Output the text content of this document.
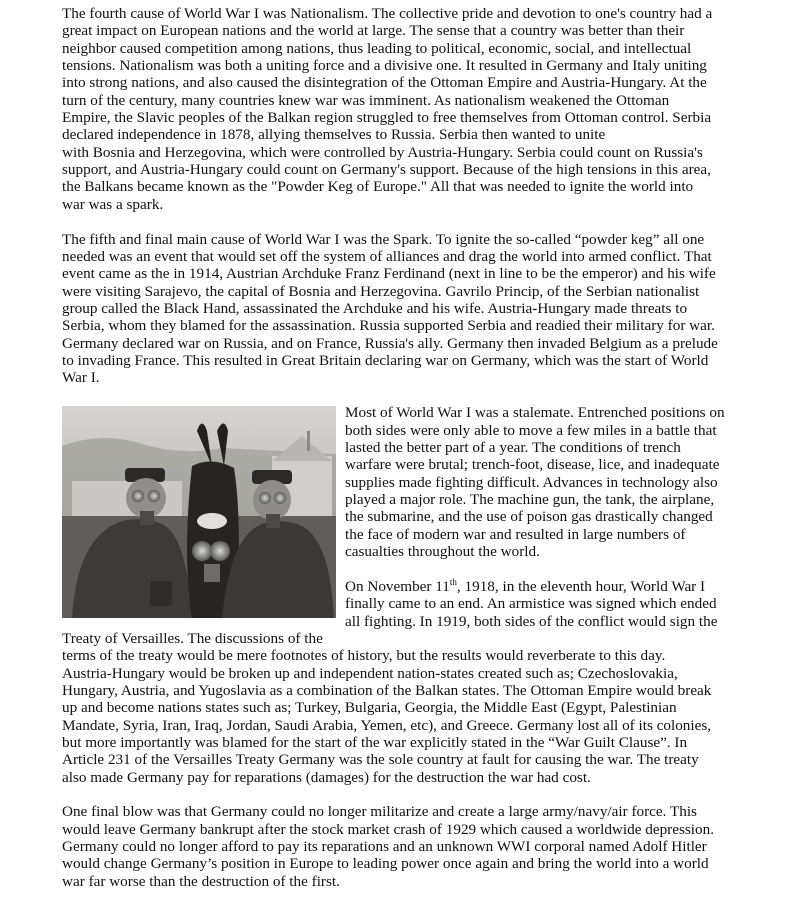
The fourth cause of World War I was Nationalism. The collective pride and devotion to one's country had a
great impact on European nations and the world at large. The sense that a country was better than their
neighbor caused competition among nations, thus leading to political, economic, social, and intellectual
tensions. Nationalism was both a uniting force and a divisive one. It resulted in Germany and Italy uniting
into strong nations, and also caused the disintegration of the Ottoman Empire and Austria-Hungary. At the
turn of the century, many countries knew war was imminent. As nationalism weakened the Ottoman
Empire, the Slavic peoples of the Balkan region struggled to free themselves from Ottoman control. Serbia
declared independence in 1878, allying themselves to Russia. Serbia then wanted to unite
with Bosnia and Herzegovina, which were controlled by Austria-Hungary. Serbia could count on Russia's
support, and Austria-Hungary could count on Germany's support. Because of the high tensions in this area,
the Balkans became known as the "Powder Keg of Europe." All that was needed to ignite the world into
war was a spark.

The fifth and final main cause of World War I was the Spark. To ignite the so-called “powder keg” all one
needed was an event that would set off the system of alliances and drag the world into armed conflict. That
event came as the in 1914, Austrian Archduke Franz Ferdinand (next in line to be the emperor) and his wife
were visiting Sarajevo, the capital of Bosnia and Herzegovina. Gavrilo Princip, of the Serbian nationalist
group called the Black Hand, assassinated the Archduke and his wife. Austria-Hungary made threats to
Serbia, whom they blamed for the assassination. Russia supported Serbia and readied their military for war.
Germany declared war on Russia, and on France, Russia's ally. Germany then invaded Belgium as a prelude
to invading France. This resulted in Great Britain declaring war on Germany, which was the start of World
War I.

Most of World War I was a stalemate. Entrenched positions on
both sides were only able to move a few miles in a battle that
lasted the better part of a year. The conditions of trench
warfare were brutal; trench-foot, disease, lice, and inadequate
supplies made fighting difficult. Advances in technology also
played a major role. The machine gun, the tank, the airplane,
the submarine, and the use of poison gas drastically changed
the face of modern war and resulted in large numbers of
casualties throughout the world.

On November 11th, 1918, in the eleventh hour, World War I
finally came to an end. An armistice was signed which ended
all fighting. In 1919, both sides of the conflict would sign the Treaty of Versailles. The discussions of the
terms of the treaty would be mere footnotes of history, but the results would reverberate to this day.
Austria-Hungary would be broken up and independent nation-states created such as; Czechoslovakia,
Hungary, Austria, and Yugoslavia as a combination of the Balkan states. The Ottoman Empire would break
up and become nations states such as; Turkey, Bulgaria, Georgia, the Middle East (Egypt, Palestinian
Mandate, Syria, Iran, Iraq, Jordan, Saudi Arabia, Yemen, etc), and Greece. Germany lost all of its colonies,
but more importantly was blamed for the start of the war explicitly stated in the “War Guilt Clause”. In
Article 231 of the Versailles Treaty Germany was the sole country at fault for causing the war. The treaty
also made Germany pay for reparations (damages) for the destruction the war had cost.

One final blow was that Germany could no longer militarize and create a large army/navy/air force. This
would leave Germany bankrupt after the stock market crash of 1929 which caused a worldwide depression.
Germany could no longer afford to pay its reparations and an unknown WWI corporal named Adolf Hitler
would change Germany’s position in Europe to leading power once again and bring the world into a world
war far worse than the destruction of the first.
